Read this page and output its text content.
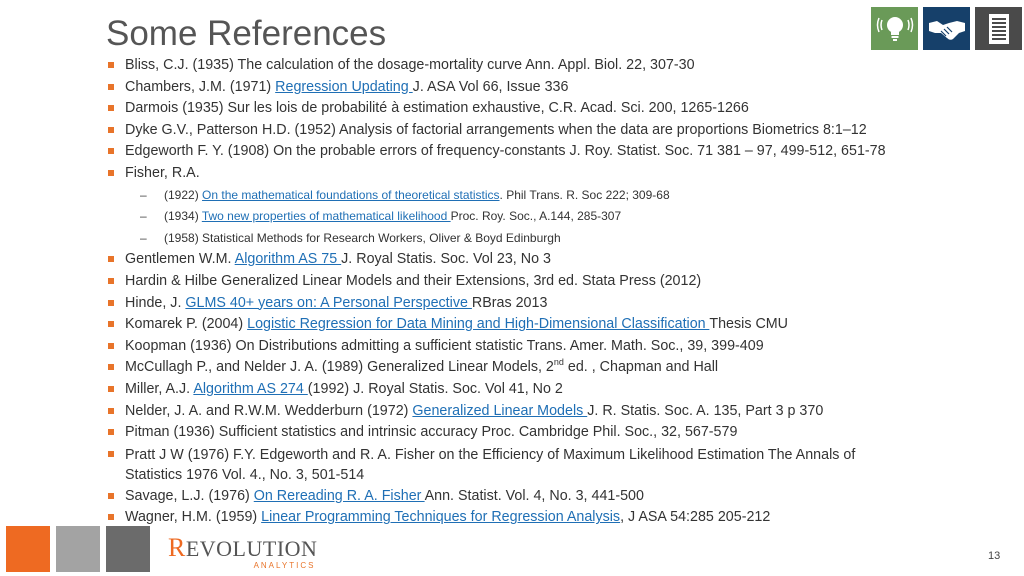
Some References
Bliss, C.J. (1935) The calculation of the dosage-mortality curve Ann. Appl. Biol. 22, 307-30
Chambers, J.M. (1971) Regression Updating J. ASA Vol 66, Issue 336
Darmois (1935) Sur les lois de probabilité à estimation exhaustive, C.R. Acad. Sci. 200, 1265-1266
Dyke G.V., Patterson H.D. (1952) Analysis of factorial arrangements when the data are proportions Biometrics 8:1–12
Edgeworth F. Y. (1908) On the probable errors of frequency-constants J. Roy. Statist. Soc. 71 381 – 97, 499-512, 651-78
Fisher, R.A.
– (1922) On the mathematical foundations of theoretical statistics. Phil Trans. R. Soc 222; 309-68
– (1934) Two new properties of mathematical likelihood Proc. Roy. Soc., A.144, 285-307
– (1958) Statistical Methods for Research Workers, Oliver & Boyd Edinburgh
Gentlemen W.M. Algorithm AS 75 J. Royal Statis. Soc. Vol 23, No 3
Hardin & Hilbe Generalized Linear Models and their Extensions, 3rd ed. Stata Press (2012)
Hinde, J. GLMS 40+ years on: A Personal Perspective RBras 2013
Komarek P. (2004) Logistic Regression for Data Mining and High-Dimensional Classification Thesis CMU
Koopman (1936) On Distributions admitting a sufficient statistic Trans. Amer. Math. Soc., 39, 399-409
McCullagh P., and Nelder J. A. (1989) Generalized Linear Models, 2nd ed. , Chapman and Hall
Miller, A.J. Algorithm AS 274 (1992) J. Royal Statis. Soc. Vol 41, No 2
Nelder, J. A. and R.W.M. Wedderburn (1972) Generalized Linear Models J. R. Statis. Soc. A. 135, Part 3 p 370
Pitman (1936) Sufficient statistics and intrinsic accuracy Proc. Cambridge Phil. Soc., 32, 567-579
Pratt J W (1976) F.Y. Edgeworth and R. A. Fisher on the Efficiency of Maximum Likelihood Estimation The Annals of
Statistics 1976 Vol. 4., No. 3, 501-514
Savage, L.J. (1976) On Rereading R. A. Fisher Ann. Statist. Vol. 4, No. 3, 441-500
Wagner, H.M. (1959) Linear Programming Techniques for Regression Analysis, J ASA 54:285 205-212
REVOLUTION
ANALYTICS
13
